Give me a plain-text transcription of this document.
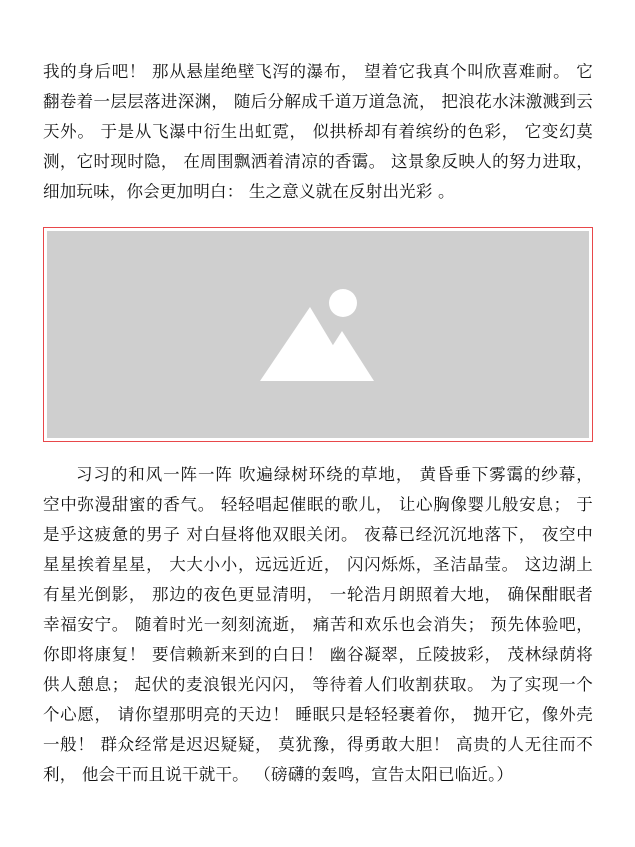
我的身后吧！ 那从悬崖绝壁飞泻的瀑布， 望着它我真个叫欣喜难耐。 它翻卷着一层层落进深渊， 随后分解成千道万道急流， 把浪花水沫激溅到云天外。 于是从飞瀑中衍生出虹霓， 似拱桥却有着缤纷的色彩， 它变幻莫测，它时现时隐， 在周围飘洒着清凉的香霭。 这景象反映人的努力进取， 细加玩味，你会更加明白： 生之意义就在反射出光彩 。

习习的和风一阵一阵 吹遍绿树环绕的草地， 黄昏垂下雾霭的纱幕， 空中弥漫甜蜜的香气。 轻轻唱起催眠的歌儿， 让心胸像婴儿般安息； 于是乎这疲惫的男子 对白昼将他双眼关闭。 夜幕已经沉沉地落下， 夜空中星星挨着星星， 大大小小，远远近近， 闪闪烁烁，圣洁晶莹。 这边湖上有星光倒影， 那边的夜色更显清明， 一轮浩月朗照着大地， 确保酣眠者幸福安宁。 随着时光一刻刻流逝， 痛苦和欢乐也会消失； 预先体验吧，你即将康复！ 要信赖新来到的白日！ 幽谷凝翠，丘陵披彩， 茂林绿荫将供人憩息； 起伏的麦浪银光闪闪， 等待着人们收割获取。 为了实现一个个心愿， 请你望那明亮的天边！ 睡眠只是轻轻裹着你， 抛开它，像外壳一般！ 群众经常是迟迟疑疑， 莫犹豫，得勇敢大胆！ 高贵的人无往而不利， 他会干而且说干就干。 （磅礴的轰鸣，宣告太阳已临近。）
